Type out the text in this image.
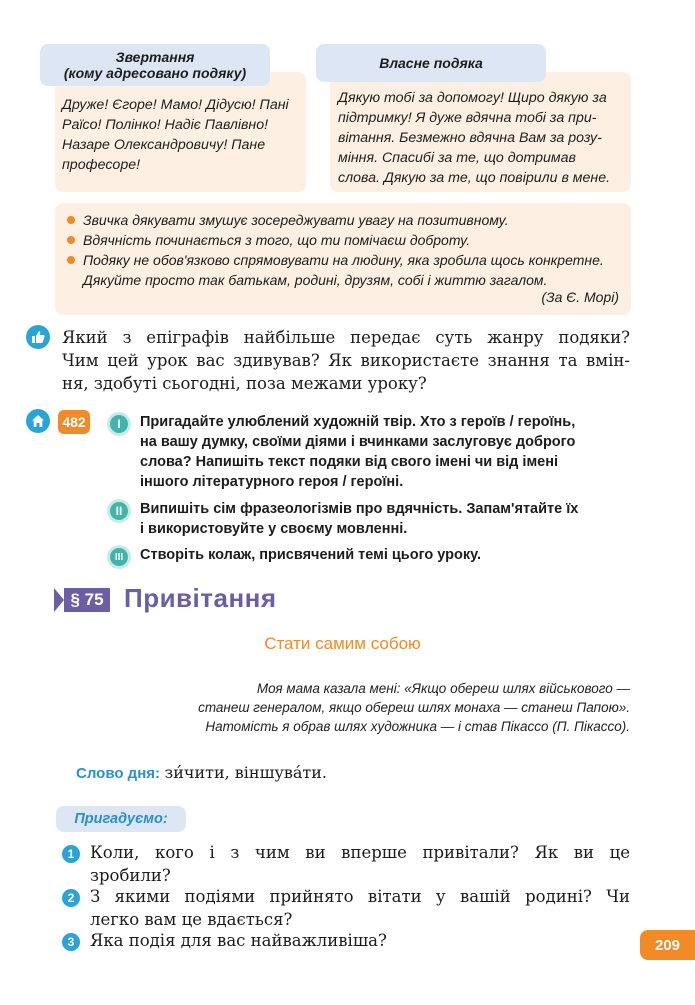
Звертання
(кому адресовано подяку)
Друже! Єгоре! Мамо! Дідусю! Пані
Раїсо! Полінко! Надіє Павлівно!
Назаре Олександровичу! Пане
професоре!
Власне подяка
Дякую тобі за допомогу! Щиро дякую за
підтримку! Я дуже вдячна тобі за при-
вітання. Безмежно вдячна Вам за розу-
міння. Спасибі за те, що дотримав
слова. Дякую за те, що повірили в мене.
Звичка дякувати змушує зосереджувати увагу на позитивному.
Вдячність починається з того, що ти помічаєш доброту.
Подяку не обов'язково спрямовувати на людину, яка зробила щось конкретне.
Дякуйте просто так батькам, родині, друзям, собі і життю загалом.
(За Є. Морі)
Який з епіграфів найбільше передає суть жанру подяки?
Чим цей урок вас здивував? Як використаєте знання та вмін-
ня, здобуті сьогодні, поза межами уроку?
482	I	Пригадайте улюблений художній твір. Хто з героїв / героїнь,
на вашу думку, своїми діями і вчинками заслуговує доброго
слова? Напишіть текст подяки від свого імені чи від імені
іншого літературного героя / героїні.
II	Випишіть сім фразеологізмів про вдячність. Запам'ятайте їх
і використовуйте у своєму мовленні.
III	Створіть колаж, присвячений темі цього уроку.
§ 75 Привітання
Стати самим собою
Моя мама казала мені: «Якщо обереш шлях військового —
станеш генералом, якщо обереш шлях монаха — станеш Папою».
Натомість я обрав шлях художника — і став Пікассо (П. Пікассо).
Слово дня: зи́чити, віншува́ти.
Пригадуємо:
1 Коли, кого і з чим ви вперше привітали? Як ви це
зробили?
2 З якими подіями прийнято вітати у вашій родині? Чи
легко вам це вдається?
3 Яка подія для вас найважливіша?	209
